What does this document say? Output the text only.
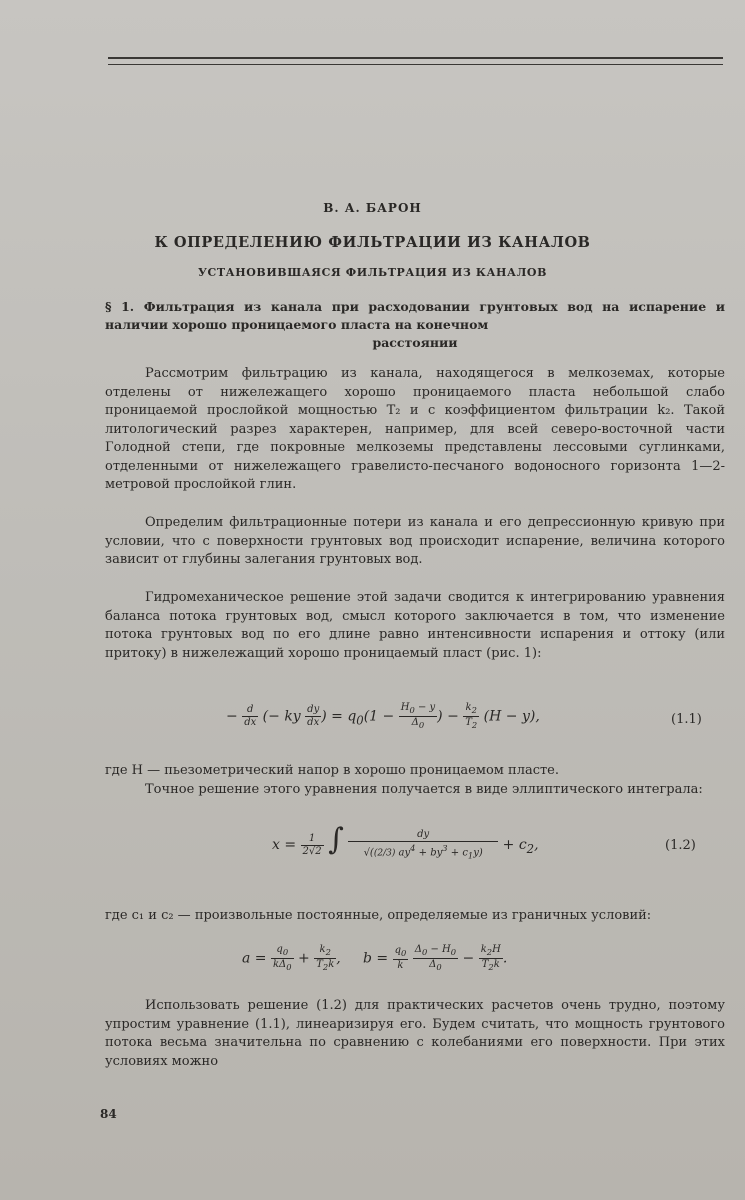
В. А. БАРОН
К ОПРЕДЕЛЕНИЮ ФИЛЬТРАЦИИ ИЗ КАНАЛОВ
УСТАНОВИВШАЯСЯ ФИЛЬТРАЦИЯ ИЗ КАНАЛОВ
§ 1. Фильтрация из канала при расходовании грунтовых вод на испарение и наличии хорошо проницаемого пласта на конечном
расстоянии

Рассмотрим фильтрацию из канала, находящегося в мелкоземах, которые отделены от нижележащего хорошо проницаемого пласта небольшой слабо проницаемой прослойкой мощностью T₂ и с коэффициентом фильтрации k₂. Такой литологический разрез характерен, например, для всей северо-восточной части Голодной степи, где покровные мелкоземы представлены лессовыми суглинками, отделенными от нижележащего гравелисто-песчаного водоносного горизонта 1—2-метровой прослойкой глин.

Определим фильтрационные потери из канала и его депрессионную кривую при условии, что с поверхности грунтовых вод происходит испарение, величина которого зависит от глубины залегания грунтовых вод.

Гидромеханическое решение этой задачи сводится к интегрированию уравнения баланса потока грунтовых вод, смысл которого заключается в том, что изменение потока грунтовых вод по его длине равно интенсивности испарения и оттоку (или притоку) в нижележащий хорошо проницаемый пласт (рис. 1):

− $\frac{d}{dx}$ (− ky $\frac{dy}{dx}$ ) = $q_0(1 - \frac{H_0 - y}{\Delta_0}$ ) − $\frac{k_2}{T_2} (H - y)$,	(1.1)

где H — пьезометрический напор в хорошо проницаемом пласте.

Точное решение этого уравнения получается в виде эллиптического интеграла:

$x = \frac{1}{2√2}$ ∫ $\frac{dy}{√((2/3) ay^4 + by^3 + c_1y)} + c_2$,	(1.2)

где c₁ и c₂ — произвольные постоянные, определяемые из граничных условий:

$a = \frac{q_0}{k\Delta_0} + \frac{k_2}{T_2k}$ ,     $b = \frac{q_0}{k}$
$\frac{\Delta_0 - H_0}{\Delta_0} - \frac{k_2H}{T_2k}$ .

Использовать решение (1.2) для практических расчетов очень трудно, поэтому упростим уравнение (1.1), линеаризируя его. Будем считать, что мощность грунтового потока весьма значительна по сравнению с колебаниями его поверхности. При этих условиях можно

84
